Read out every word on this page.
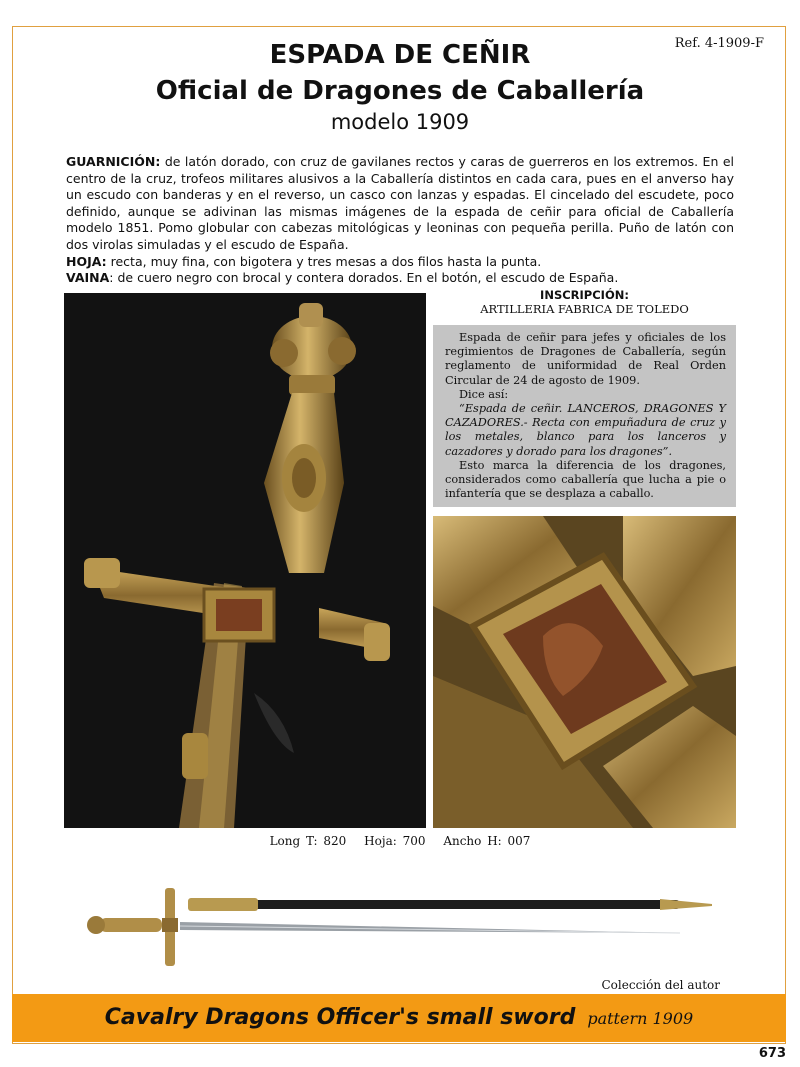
Ref. 4-1909-F
ESPADA DE CEÑIR
Oficial de Dragones de Caballería
modelo 1909

GUARNICIÓN: de latón dorado, con cruz de gavilanes rectos y caras de guerreros en los extremos. En el centro de la cruz, trofeos militares alusivos a la Caballería distintos en cada cara, pues en el anverso hay un escudo con banderas y en el reverso, un casco con lanzas y espadas. El cincelado del escudete, poco definido, aunque se adivinan las mismas imágenes de la espada de ceñir para oficial de Caballería modelo 1851. Pomo globular con cabezas mitológicas y leoninas con pequeña perilla. Puño de latón con dos virolas simuladas y el escudo de España.

HOJA: recta, muy fina, con bigotera y tres mesas a dos filos hasta la punta.

VAINA: de cuero negro con brocal y contera dorados. En el botón, el escudo de España.

INSCRIPCIÓN:
ARTILLERIA FABRICA DE TOLEDO

Espada de ceñir para jefes y oficiales de los regimientos de Dragones de Caballería, según reglamento de uniformidad de Real Orden Circular de 24 de agosto de 1909.

Dice así:

“Espada de ceñir. LANCEROS, DRAGONES Y CAZADORES.- Recta con empuñadura de cruz y los metales, blanco para los lanceros y cazadores y dorado para los dragones”.

Esto marca la diferencia de los dragones, considerados como caballería que lucha a pie o infantería que se desplaza a caballo.

Long T: 820 Hoja: 700 Ancho H: 007
Colección del autor
Cavalry Dragons Officer's small sword pattern 1909
673
